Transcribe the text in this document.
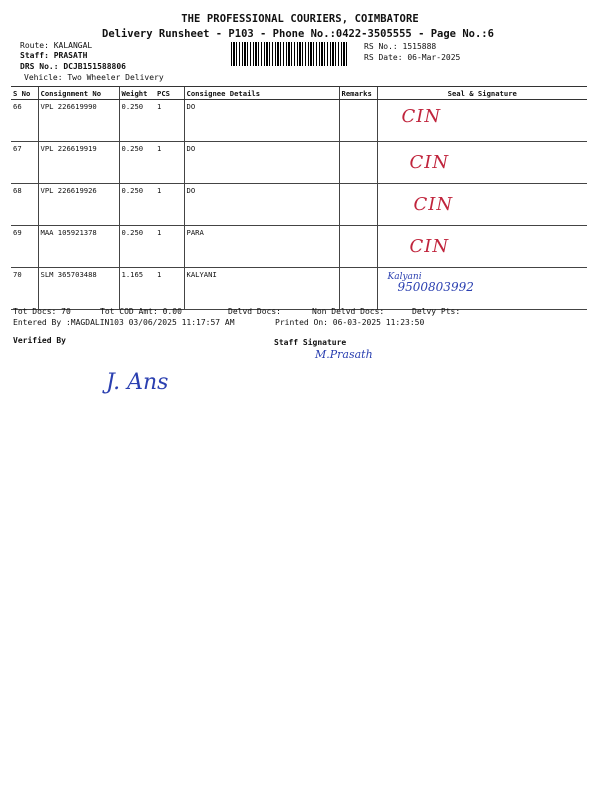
THE PROFESSIONAL COURIERS, COIMBATORE
Delivery Runsheet - P103 - Phone No.:0422-3505555 - Page No.:6
Route: KALANGAL
Staff: PRASATH
DRS No.: DCJB151588806
Vehicle: Two Wheeler Delivery
RS No.: 1515888
RS Date: 06-Mar-2025
S No	Consignment No	Weight	PCS	Consignee Details	Remarks	Seal & Signature
66	VPL 226619990	0.250	1	DO		CIN
67	VPL 226619919	0.250	1	DO		CIN
68	VPL 226619926	0.250	1	DO		CIN
69	MAA 105921378	0.250	1	PARA		CIN
70	SLM 365703488	1.165	1	KALYANI		Kalyani
9500803992
Tot Docs: 70	Tot COD Amt: 0.00	Delvd Docs:	Non Delvd Docs:	Delvy Pts:
Entered By :MAGDALIN103 03/06/2025 11:17:57 AM	Printed On: 06-03-2025 11:23:50
Verified By	Staff Signature
M.Prasath
J. Ans
